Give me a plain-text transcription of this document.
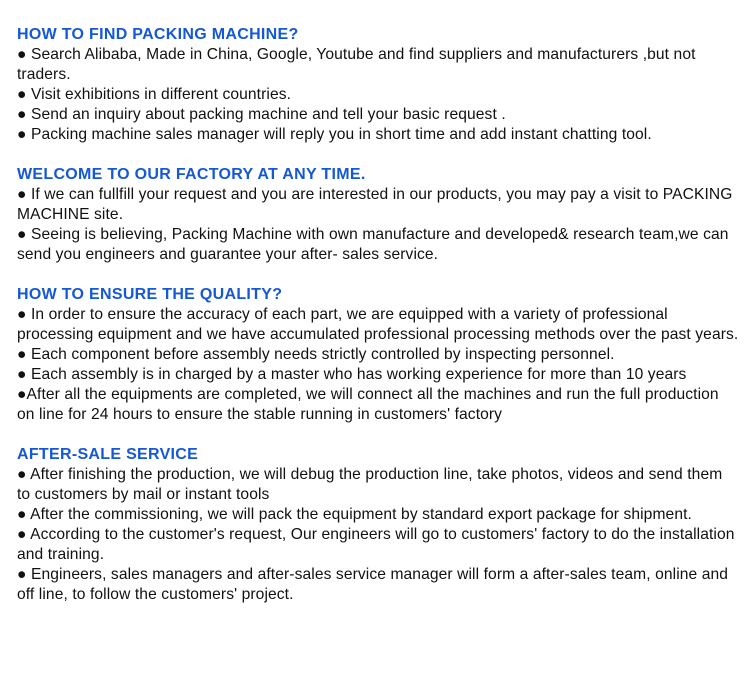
HOW TO FIND PACKING MACHINE?

● Search Alibaba, Made in China, Google, Youtube and find suppliers and manufacturers ,but not traders.

● Visit exhibitions in different countries.

● Send an inquiry about packing machine and tell your basic request .

● Packing machine sales manager will reply you in short time and add instant chatting tool.

WELCOME TO OUR FACTORY AT ANY TIME.

● If we can fullfill your request and you are interested in our products, you may pay a visit to PACKING MACHINE site.

● Seeing is believing, Packing Machine with own manufacture and developed& research team,we can send you engineers and guarantee your after- sales service.

HOW TO ENSURE THE QUALITY?

● In order to ensure the accuracy of each part, we are equipped with a variety of professional processing equipment and we have accumulated professional processing methods over the past years.

● Each component before assembly needs strictly controlled by inspecting personnel.

● Each assembly is in charged by a master who has working experience for more than 10 years

●After all the equipments are completed, we will connect all the machines and run the full production on line for 24 hours to ensure the stable running in customers' factory

AFTER-SALE SERVICE

● After finishing the production, we will debug the production line, take photos, videos and send them to customers by mail or instant tools

● After the commissioning, we will pack the equipment by standard export package for shipment.

● According to the customer's request, Our engineers will go to customers' factory to do the installation and training.

● Engineers, sales managers and after-sales service manager will form a after-sales team, online and off line, to follow the customers' project.
